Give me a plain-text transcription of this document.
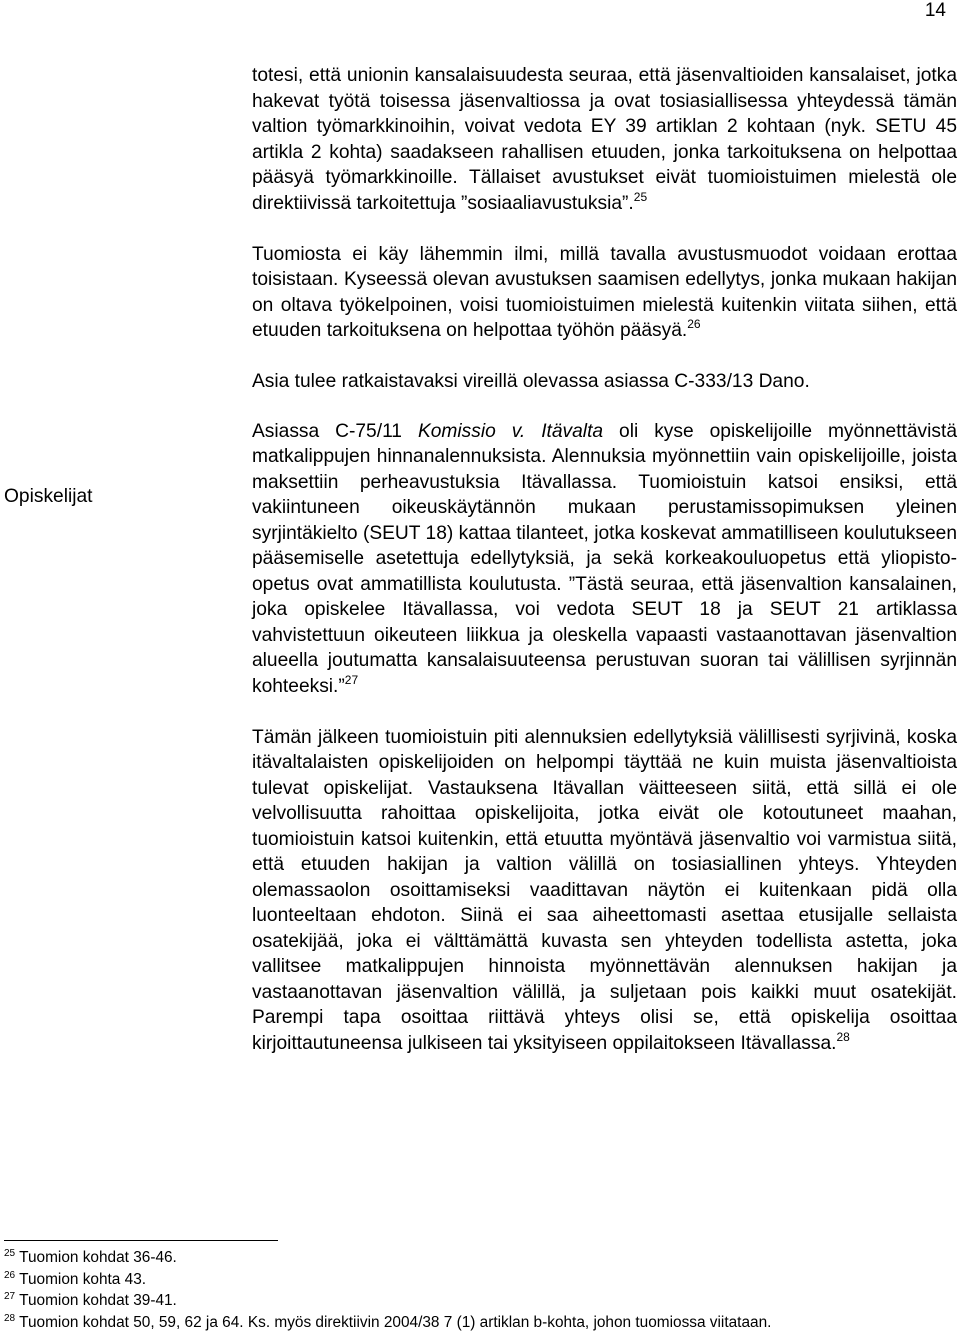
14
Opiskelijat

totesi, että unionin kansalaisuudesta seuraa, että jäsenvaltioiden kansalaiset, jotka hakevat työtä toisessa jäsenvaltiossa ja ovat tosiasiallisessa yhteydessä tämän valtion työmarkkinoihin, voivat vedota EY 39 artiklan 2 kohtaan (nyk. SETU 45 artikla 2 kohta) saadakseen rahallisen etuuden, jonka tarkoituksena on helpottaa pääsyä työmarkkinoille. Tällaiset avustukset eivät tuomioistuimen mielestä ole direktiivissä tarkoitettuja ”sosiaaliavustuksia”.$^{25}$

Tuomiosta ei käy lähemmin ilmi, millä tavalla avustusmuodot voidaan erottaa toisistaan. Kyseessä olevan avustuksen saamisen edellytys, jonka mukaan hakijan on oltava työkelpoinen, voisi tuomioistuimen mielestä kuitenkin viitata siihen, että etuuden tarkoituksena on helpottaa työhön pääsyä.$^{26}$

Asia tulee ratkaistavaksi vireillä olevassa asiassa C-333/13 Dano.

Asiassa C-75/11 Komissio v. Itävalta oli kyse opiskelijoille myönnettävistä matkalippujen hinnanalennuksista. Alennuksia myönnettiin vain opiskelijoille, joista maksettiin perheavustuksia Itävallassa. Tuomioistuin katsoi ensiksi, että vakiintuneen oikeuskäytännön mukaan perustamissopimuksen yleinen syrjintäkielto (SEUT 18) kattaa tilanteet, jotka koskevat ammatilliseen koulutukseen pääsemiselle asetettuja edellytyksiä, ja sekä korkeakouluopetus että yliopisto-opetus ovat ammatillista koulutusta. ”Tästä seuraa, että jäsenvaltion kansalainen, joka opiskelee Itävallassa, voi vedota SEUT 18 ja SEUT 21 artiklassa vahvistettuun oikeuteen liikkua ja oleskella vapaasti vastaanottavan jäsenvaltion alueella joutumatta kansalaisuuteensa perustuvan suoran tai välillisen syrjinnän kohteeksi.”$^{27}$

Tämän jälkeen tuomioistuin piti alennuksien edellytyksiä välillisesti syrjivinä, koska itävaltalaisten opiskelijoiden on helpompi täyttää ne kuin muista jäsenvaltioista tulevat opiskelijat. Vastauksena Itävallan väitteeseen siitä, että sillä ei ole velvollisuutta rahoittaa opiskelijoita, jotka eivät ole kotoutuneet maahan, tuomioistuin katsoi kuitenkin, että etuutta myöntävä jäsenvaltio voi varmistua siitä, että etuuden hakijan ja valtion välillä on tosiasiallinen yhteys. Yhteyden olemassaolon osoittamiseksi vaadittavan näytön ei kuitenkaan pidä olla luonteeltaan ehdoton. Siinä ei saa aiheettomasti asettaa etusijalle sellaista osatekijää, joka ei välttämättä kuvasta sen yhteyden todellista astetta, joka vallitsee matkalippujen hinnoista myönnettävän alennuksen hakijan ja vastaanottavan jäsenvaltion välillä, ja suljetaan pois kaikki muut osatekijät. Parempi tapa osoittaa riittävä yhteys olisi se, että opiskelija osoittaa kirjoittautuneensa julkiseen tai yksityiseen oppilaitokseen Itävallassa.$^{28}$

$^{25}$ Tuomion kohdat 36-46.
$^{26}$ Tuomion kohta 43.
$^{27}$ Tuomion kohdat 39-41.
$^{28}$ Tuomion kohdat 50, 59, 62 ja 64. Ks. myös direktiivin 2004/38 7 (1) artiklan b-kohta, johon tuomiossa viitataan.
